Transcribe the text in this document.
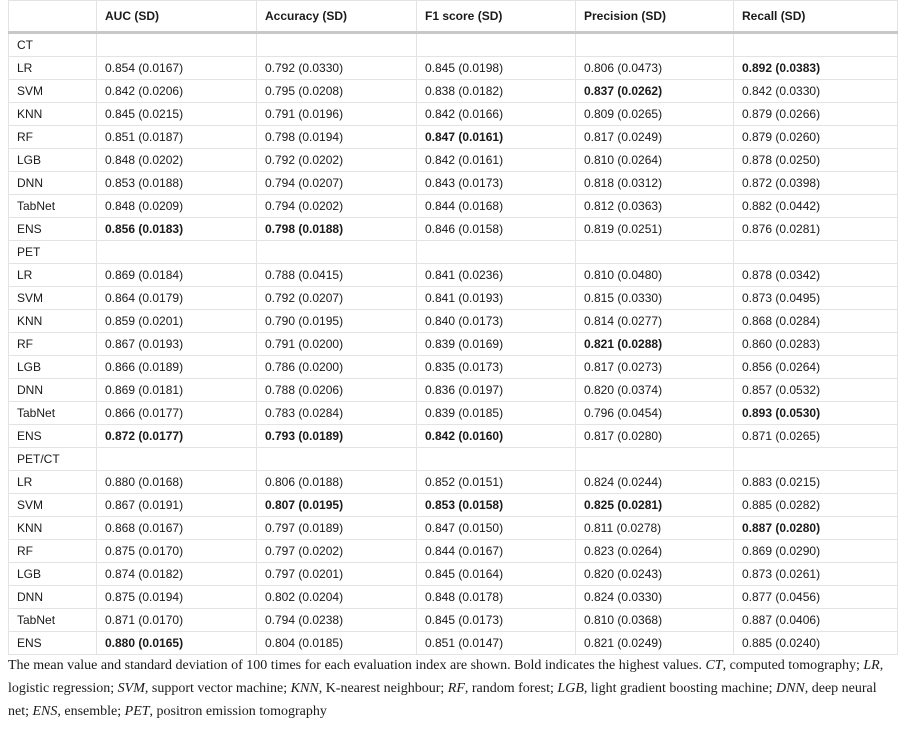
	AUC (SD)	Accuracy (SD)	F1 score (SD)	Precision (SD)	Recall (SD)
CT					
LR	0.854 (0.0167)	0.792 (0.0330)	0.845 (0.0198)	0.806 (0.0473)	0.892 (0.0383)
SVM	0.842 (0.0206)	0.795 (0.0208)	0.838 (0.0182)	0.837 (0.0262)	0.842 (0.0330)
KNN	0.845 (0.0215)	0.791 (0.0196)	0.842 (0.0166)	0.809 (0.0265)	0.879 (0.0266)
RF	0.851 (0.0187)	0.798 (0.0194)	0.847 (0.0161)	0.817 (0.0249)	0.879 (0.0260)
LGB	0.848 (0.0202)	0.792 (0.0202)	0.842 (0.0161)	0.810 (0.0264)	0.878 (0.0250)
DNN	0.853 (0.0188)	0.794 (0.0207)	0.843 (0.0173)	0.818 (0.0312)	0.872 (0.0398)
TabNet	0.848 (0.0209)	0.794 (0.0202)	0.844 (0.0168)	0.812 (0.0363)	0.882 (0.0442)
ENS	0.856 (0.0183)	0.798 (0.0188)	0.846 (0.0158)	0.819 (0.0251)	0.876 (0.0281)
PET					
LR	0.869 (0.0184)	0.788 (0.0415)	0.841 (0.0236)	0.810 (0.0480)	0.878 (0.0342)
SVM	0.864 (0.0179)	0.792 (0.0207)	0.841 (0.0193)	0.815 (0.0330)	0.873 (0.0495)
KNN	0.859 (0.0201)	0.790 (0.0195)	0.840 (0.0173)	0.814 (0.0277)	0.868 (0.0284)
RF	0.867 (0.0193)	0.791 (0.0200)	0.839 (0.0169)	0.821 (0.0288)	0.860 (0.0283)
LGB	0.866 (0.0189)	0.786 (0.0200)	0.835 (0.0173)	0.817 (0.0273)	0.856 (0.0264)
DNN	0.869 (0.0181)	0.788 (0.0206)	0.836 (0.0197)	0.820 (0.0374)	0.857 (0.0532)
TabNet	0.866 (0.0177)	0.783 (0.0284)	0.839 (0.0185)	0.796 (0.0454)	0.893 (0.0530)
ENS	0.872 (0.0177)	0.793 (0.0189)	0.842 (0.0160)	0.817 (0.0280)	0.871 (0.0265)
PET/CT					
LR	0.880 (0.0168)	0.806 (0.0188)	0.852 (0.0151)	0.824 (0.0244)	0.883 (0.0215)
SVM	0.867 (0.0191)	0.807 (0.0195)	0.853 (0.0158)	0.825 (0.0281)	0.885 (0.0282)
KNN	0.868 (0.0167)	0.797 (0.0189)	0.847 (0.0150)	0.811 (0.0278)	0.887 (0.0280)
RF	0.875 (0.0170)	0.797 (0.0202)	0.844 (0.0167)	0.823 (0.0264)	0.869 (0.0290)
LGB	0.874 (0.0182)	0.797 (0.0201)	0.845 (0.0164)	0.820 (0.0243)	0.873 (0.0261)
DNN	0.875 (0.0194)	0.802 (0.0204)	0.848 (0.0178)	0.824 (0.0330)	0.877 (0.0456)
TabNet	0.871 (0.0170)	0.794 (0.0238)	0.845 (0.0173)	0.810 (0.0368)	0.887 (0.0406)
ENS	0.880 (0.0165)	0.804 (0.0185)	0.851 (0.0147)	0.821 (0.0249)	0.885 (0.0240)
The mean value and standard deviation of 100 times for each evaluation index are shown. Bold indicates the highest values. CT, computed tomography; LR, logistic regression; SVM, support vector machine; KNN, K-nearest neighbour; RF, random forest; LGB, light gradient boosting machine; DNN, deep neural net; ENS, ensemble; PET, positron emission tomography
